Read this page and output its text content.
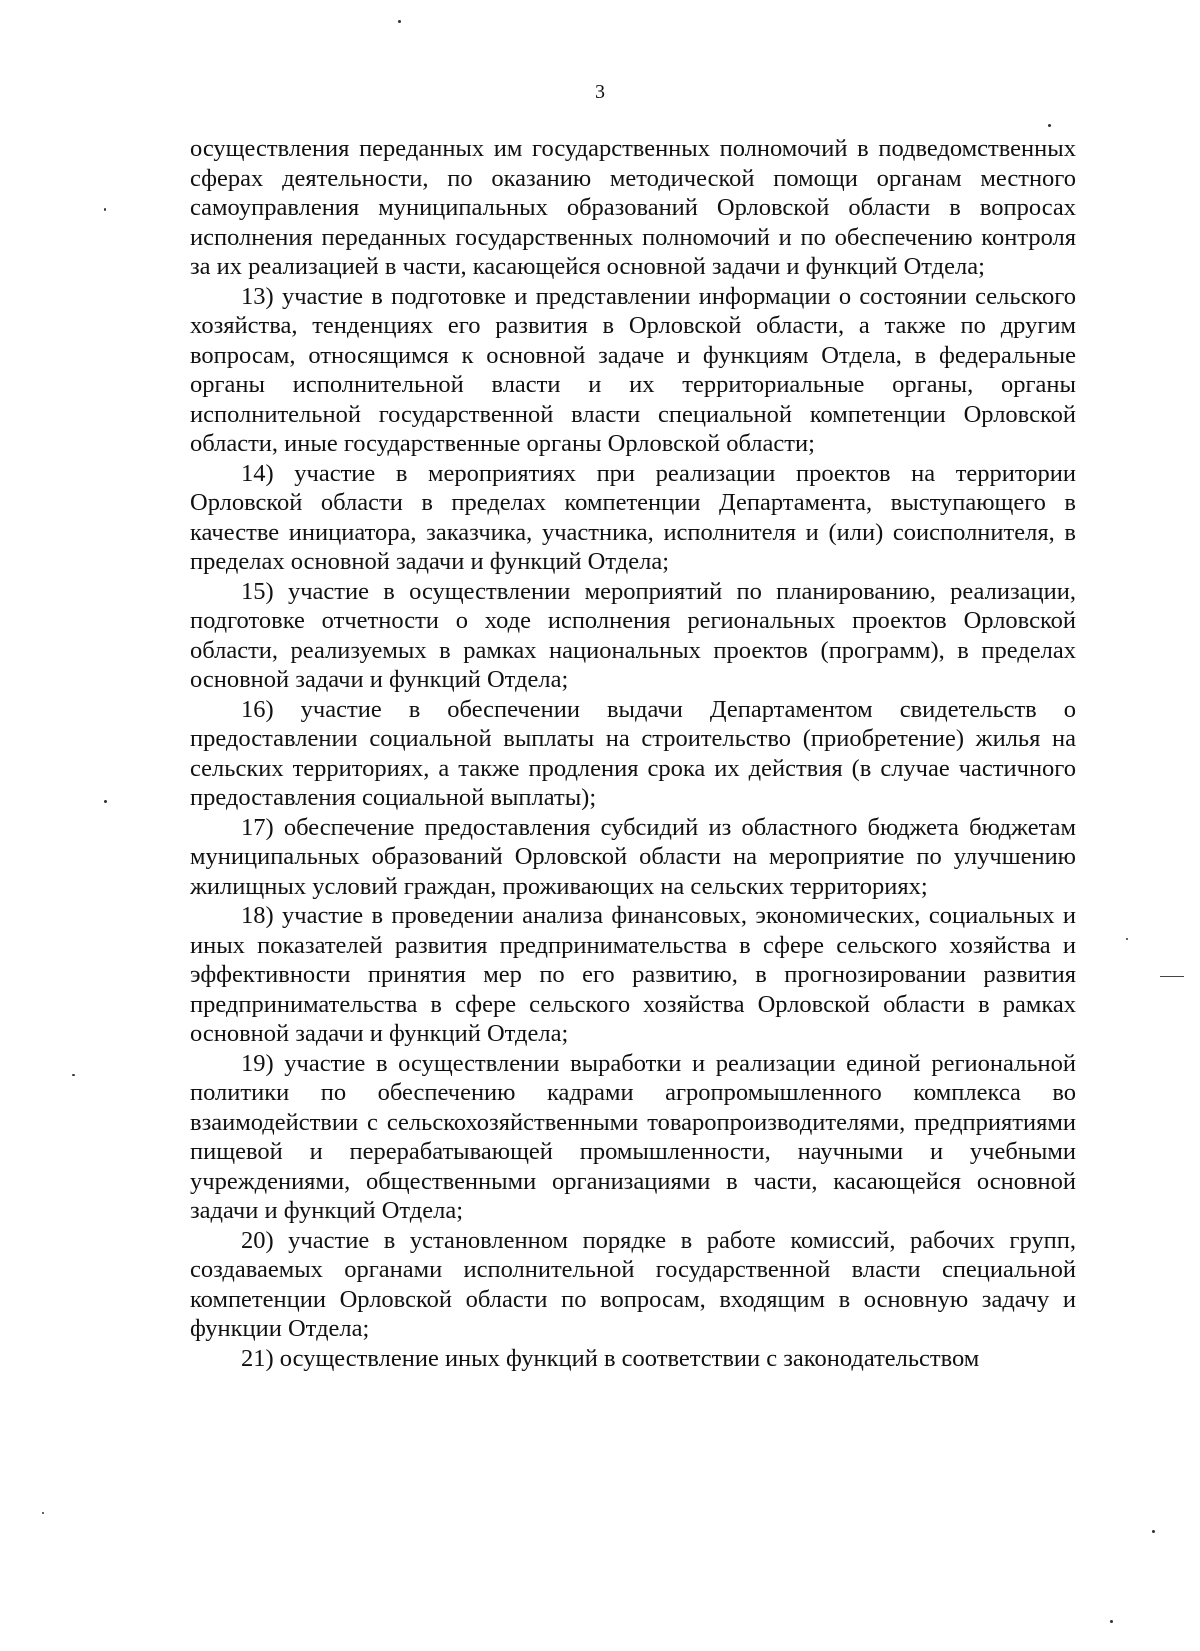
3

осуществления переданных им государственных полномочий в подведомственных сферах деятельности, по оказанию методической помощи органам местного самоуправления муниципальных образований Орловской области в вопросах исполнения переданных государственных полномочий и по обеспечению контроля за их реализацией в части, касающейся основной задачи и функций Отдела;

13) участие в подготовке и представлении информации о состоянии сельского хозяйства, тенденциях его развития в Орловской области, а также по другим вопросам, относящимся к основной задаче и функциям Отдела, в федеральные органы исполнительной власти и их территориальные органы, органы исполнительной государственной власти специальной компетенции Орловской области, иные государственные органы Орловской области;

14) участие в мероприятиях при реализации проектов на территории Орловской области в пределах компетенции Департамента, выступающего в качестве инициатора, заказчика, участника, исполнителя и (или) соисполнителя, в пределах основной задачи и функций Отдела;

15) участие в осуществлении мероприятий по планированию, реализации, подготовке отчетности о ходе исполнения региональных проектов Орловской области, реализуемых в рамках национальных проектов (программ), в пределах основной задачи и функций Отдела;

16) участие в обеспечении выдачи Департаментом свидетельств о предоставлении социальной выплаты на строительство (приобретение) жилья на сельских территориях, а также продления срока их действия (в случае частичного предоставления социальной выплаты);

17) обеспечение предоставления субсидий из областного бюджета бюджетам муниципальных образований Орловской области на мероприятие по улучшению жилищных условий граждан, проживающих на сельских территориях;

18) участие в проведении анализа финансовых, экономических, социальных и иных показателей развития предпринимательства в сфере сельского хозяйства и эффективности принятия мер по его развитию, в прогнозировании развития предпринимательства в сфере сельского хозяйства Орловской области в рамках основной задачи и функций Отдела;

19) участие в осуществлении выработки и реализации единой региональной политики по обеспечению кадрами агропромышленного комплекса во взаимодействии с сельскохозяйственными товаропроизводителями, предприятиями пищевой и перерабатывающей промышленности, научными и учебными учреждениями, общественными организациями в части, касающейся основной задачи и функций Отдела;

20) участие в установленном порядке в работе комиссий, рабочих групп, создаваемых органами исполнительной государственной власти специальной компетенции Орловской области по вопросам, входящим в основную задачу и функции Отдела;

21) осуществление иных функций в соответствии с законодательством
